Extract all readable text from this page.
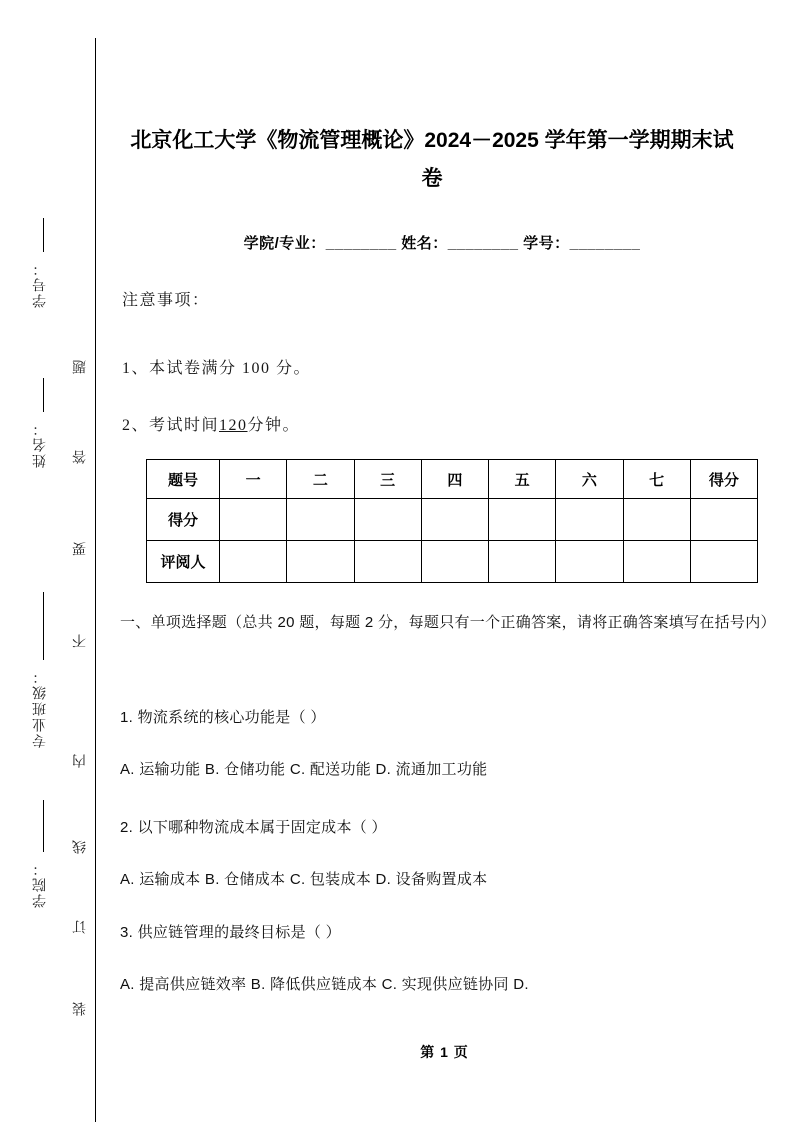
学号：
姓名：
专业班级：
学院：
题
答
要
不
内
线
订
装
北京化工大学《物流管理概论》2024－2025 学年第一学期期末试卷
学院/专业：________ 姓名：________ 学号：________
注意事项：
1、本试卷满分 100 分。
2、考试时间120分钟。
题号	一	二	三	四	五	六	七	得分
得分								
评阅人								
一、单项选择题（总共 20 题，每题 2 分，每题只有一个正确答案，请将正确答案填写在括号内）
1. 物流系统的核心功能是（ ）
A. 运输功能 B. 仓储功能 C. 配送功能 D. 流通加工功能
2. 以下哪种物流成本属于固定成本（ ）
A. 运输成本 B. 仓储成本 C. 包装成本 D. 设备购置成本
3. 供应链管理的最终目标是（ ）
A. 提高供应链效率 B. 降低供应链成本 C. 实现供应链协同 D.
第 1 页
